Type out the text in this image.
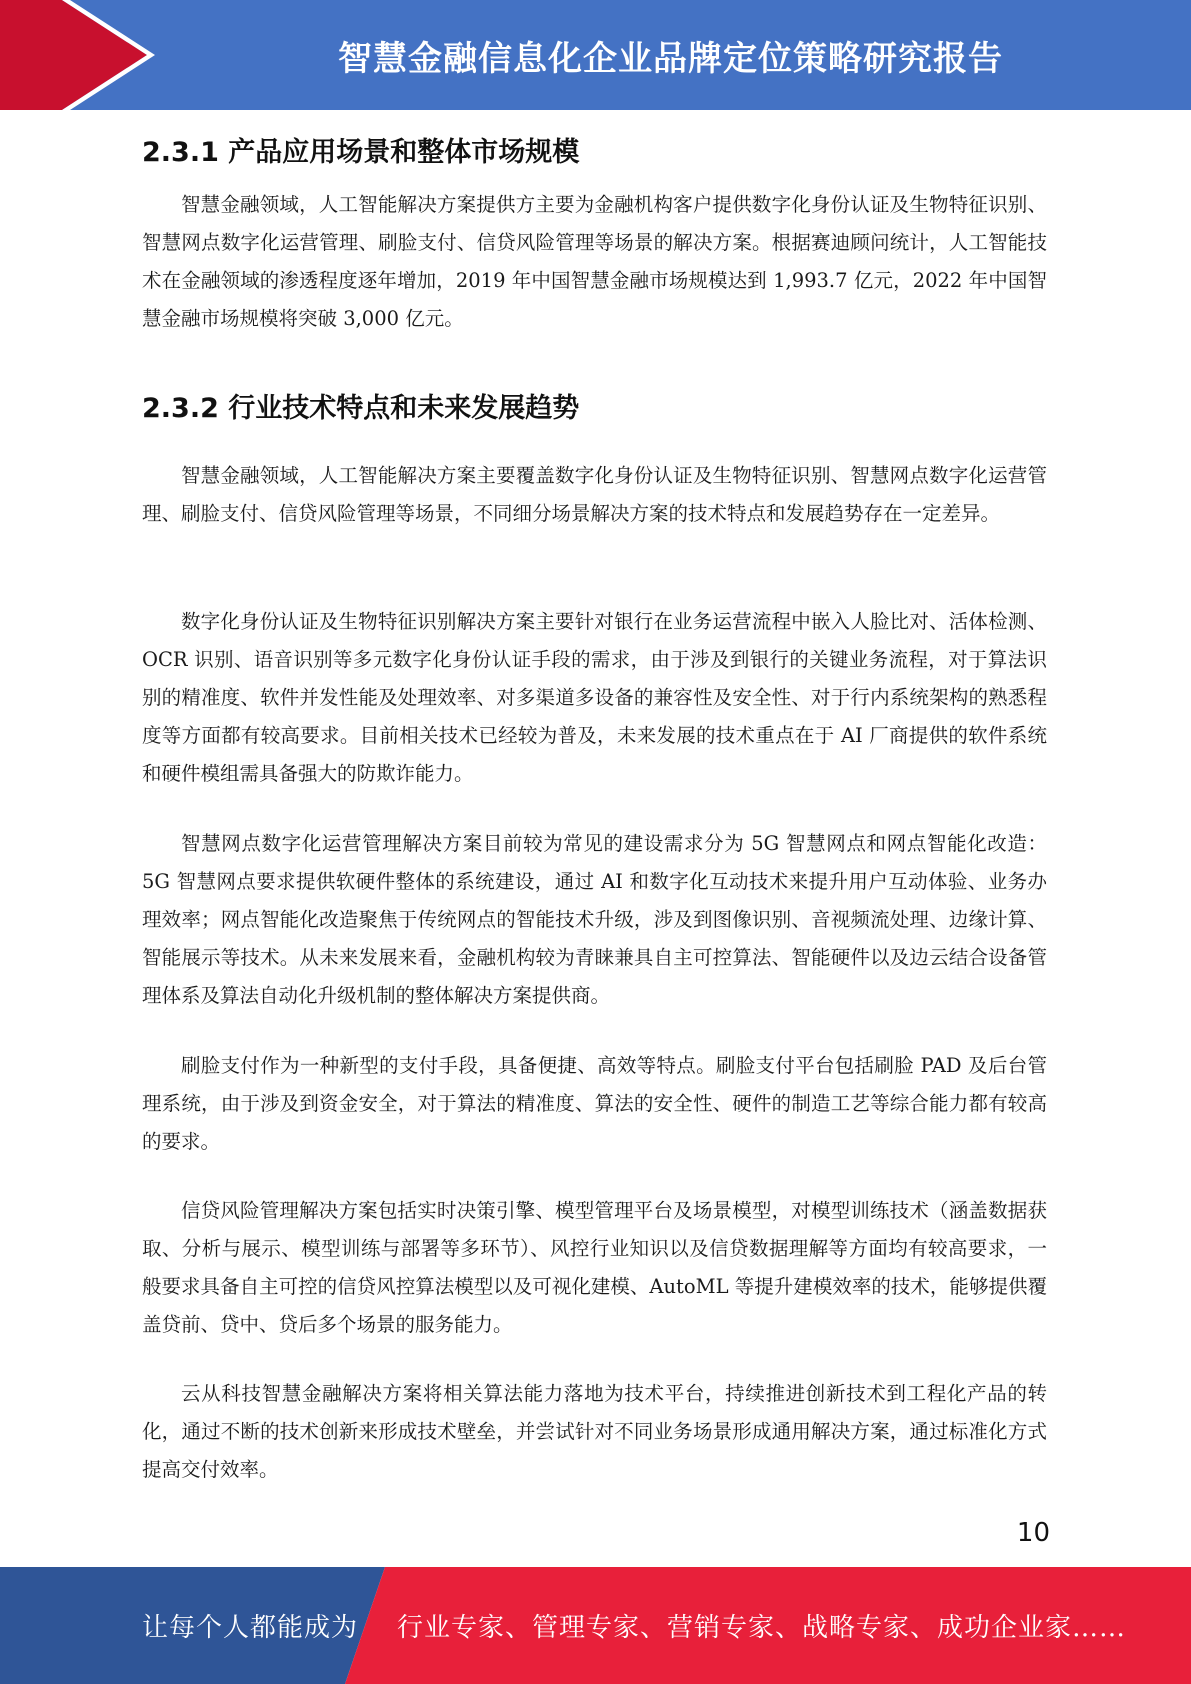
智慧金融信息化企业品牌定位策略研究报告
2.3.1 产品应用场景和整体市场规模

智慧金融领域，人工智能解决方案提供方主要为金融机构客户提供数字化身份认证及生物特征识别、智慧网点数字化运营管理、刷脸支付、信贷风险管理等场景的解决方案。根据赛迪顾问统计，人工智能技术在金融领域的渗透程度逐年增加，2019 年中国智慧金融市场规模达到 1,993.7 亿元，2022 年中国智慧金融市场规模将突破 3,000 亿元。

2.3.2 行业技术特点和未来发展趋势

智慧金融领域，人工智能解决方案主要覆盖数字化身份认证及生物特征识别、智慧网点数字化运营管理、刷脸支付、信贷风险管理等场景，不同细分场景解决方案的技术特点和发展趋势存在一定差异。

数字化身份认证及生物特征识别解决方案主要针对银行在业务运营流程中嵌入人脸比对、活体检测、OCR 识别、语音识别等多元数字化身份认证手段的需求，由于涉及到银行的关键业务流程，对于算法识别的精准度、软件并发性能及处理效率、对多渠道多设备的兼容性及安全性、对于行内系统架构的熟悉程度等方面都有较高要求。目前相关技术已经较为普及，未来发展的技术重点在于 AI 厂商提供的软件系统和硬件模组需具备强大的防欺诈能力。

智慧网点数字化运营管理解决方案目前较为常见的建设需求分为 5G 智慧网点和网点智能化改造：5G 智慧网点要求提供软硬件整体的系统建设，通过 AI 和数字化互动技术来提升用户互动体验、业务办理效率；网点智能化改造聚焦于传统网点的智能技术升级，涉及到图像识别、音视频流处理、边缘计算、智能展示等技术。从未来发展来看，金融机构较为青睐兼具自主可控算法、智能硬件以及边云结合设备管理体系及算法自动化升级机制的整体解决方案提供商。

刷脸支付作为一种新型的支付手段，具备便捷、高效等特点。刷脸支付平台包括刷脸 PAD 及后台管理系统，由于涉及到资金安全，对于算法的精准度、算法的安全性、硬件的制造工艺等综合能力都有较高的要求。

信贷风险管理解决方案包括实时决策引擎、模型管理平台及场景模型，对模型训练技术（涵盖数据获取、分析与展示、模型训练与部署等多环节）、风控行业知识以及信贷数据理解等方面均有较高要求，一般要求具备自主可控的信贷风控算法模型以及可视化建模、AutoML 等提升建模效率的技术，能够提供覆盖贷前、贷中、贷后多个场景的服务能力。

云从科技智慧金融解决方案将相关算法能力落地为技术平台，持续推进创新技术到工程化产品的转化，通过不断的技术创新来形成技术壁垒，并尝试针对不同业务场景形成通用解决方案，通过标准化方式提高交付效率。

10
让每个人都能成为 行业专家、管理专家、营销专家、战略专家、成功企业家……
